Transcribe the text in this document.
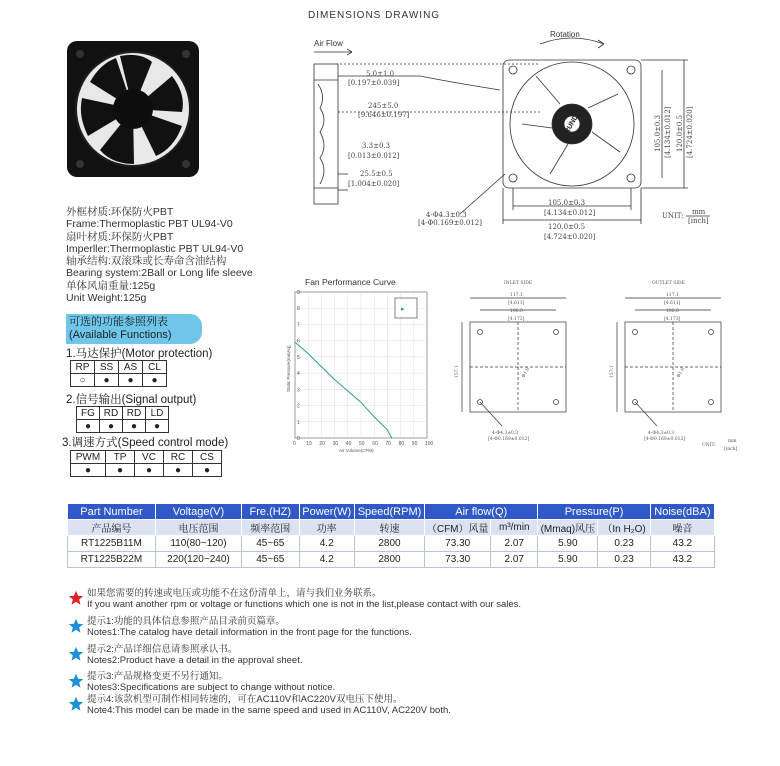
DIMENSIONS DRAWING
Air Flow
Rotation
5.0±1.0
[0.197±0.039]
245±5.0
[9.646±0.197]
3.3±0.3
[0.013±0.012]
25.5±0.5
[1.004±0.020]
105.0±0.3
[4.134±0.012]
120.0±0.5
[4.724±0.020]
4-Φ4.3±0.3
[4-Φ0.169±0.012]
105.0±0.3 [4.134±0.012] 120.0±0.5 [4.724±0.020]
RUNDA
UNIT: mm
[inch]
外框材质:环保防火PBT
Frame:Thermoplastic PBT UL94-V0
扇叶材质:环保防火PBT
Imperller:Thermoplastic PBT UL94-V0
轴承结构:双滚珠或长寿命含油结构
Bearing system:2Ball or Long life sleeve
单体风扇重量:125g
Unit Weight:125g
可选的功能参照列表
(Available Functions)
1.马达保护(Motor protection)
RP	SS	AS	CL
○	●	●	●
2.信号输出(Signal output)
FG	RD	RD	LD
●	●	●	●
3.调速方式(Speed control mode)
PWM	TP	VC	RC	CS
●	●	●	●	●
Fan Performance Curve
0 10 20 30 40 50 60 70 80 90 100
0
1
2
3
4
5
6
7
8
9
▸
Air Volume(CFM)
Static Pressure(mmAq)
INLET SIDE	OUTLET SIDE
117.1
[4.611]
106.0
[4.173]
117.1
[4.611]
106.0
[4.173]
157.1	157.1
Φ1.6	Φ1.6
4-Φ4.3±0.3
[4-Φ0.169±0.012]
4-Φ4.3±0.3
[4-Φ0.169±0.012]
UNIT:
mm
[inch]
Part Number	Voltage(V)	Fre.(HZ)	Power(W)	Speed(RPM)	Air flow(Q)		Pressure(P)		Noise(dBA)
产品编号	电压范围	频率范围	功率	转速	（CFM）风量	m³/min	(Mmaq)风压	（In H₂O)	噪音
RT1225B11M	110(80~120)	45~65	4.2	2800	73.30	2.07	5.90	0.23	43.2
RT1225B22M	220(120~240)	45~65	4.2	2800	73.30	2.07	5.90	0.23	43.2
如果您需要的转速或电压或功能不在这份清单上，请与我们业务联系。
If you want another rpm or voltage or functions which one is not in the list,please contact with our sales.
提示1:功能的具体信息参照产品目录前页篇章。
Notes1:The catalog have detail information in the front page for the functions.
提示2:产品详细信息请参照承认书。
Notes2:Product have a detail in the approval sheet.
提示3:产品规格变更不另行通知。
Notes3:Specifications are subject to change without notice.
提示4:该款机型可制作相同转速的，可在AC110V和AC220V双电压下使用。
Note4:This model can be made in the same speed and used in AC110V, AC220V both.
